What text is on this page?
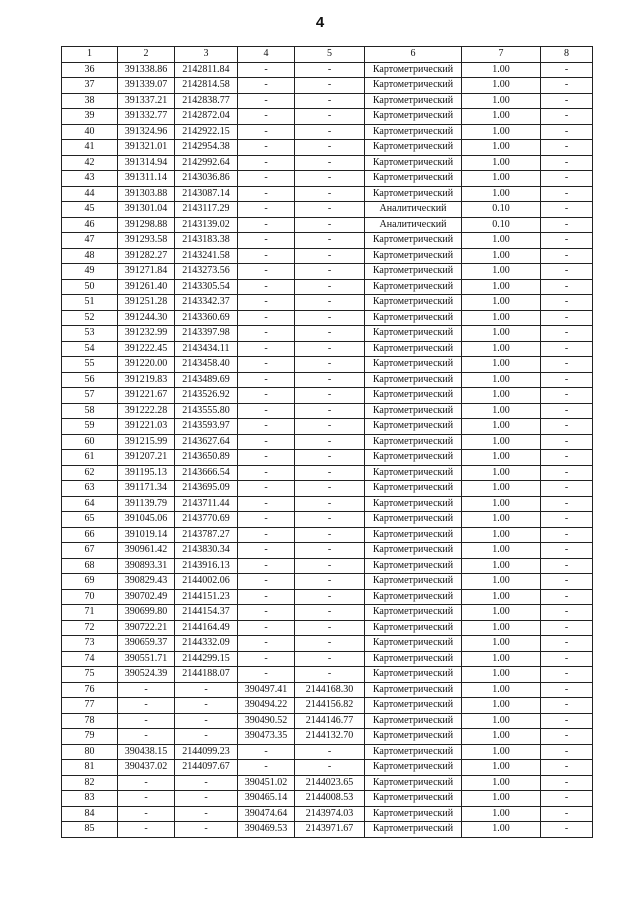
4
1	2	3	4	5	6	7	8
36	391338.86	2142811.84	-	-	Картометрический	1.00	-
37	391339.07	2142814.58	-	-	Картометрический	1.00	-
38	391337.21	2142838.77	-	-	Картометрический	1.00	-
39	391332.77	2142872.04	-	-	Картометрический	1.00	-
40	391324.96	2142922.15	-	-	Картометрический	1.00	-
41	391321.01	2142954.38	-	-	Картометрический	1.00	-
42	391314.94	2142992.64	-	-	Картометрический	1.00	-
43	391311.14	2143036.86	-	-	Картометрический	1.00	-
44	391303.88	2143087.14	-	-	Картометрический	1.00	-
45	391301.04	2143117.29	-	-	Аналитический	0.10	-
46	391298.88	2143139.02	-	-	Аналитический	0.10	-
47	391293.58	2143183.38	-	-	Картометрический	1.00	-
48	391282.27	2143241.58	-	-	Картометрический	1.00	-
49	391271.84	2143273.56	-	-	Картометрический	1.00	-
50	391261.40	2143305.54	-	-	Картометрический	1.00	-
51	391251.28	2143342.37	-	-	Картометрический	1.00	-
52	391244.30	2143360.69	-	-	Картометрический	1.00	-
53	391232.99	2143397.98	-	-	Картометрический	1.00	-
54	391222.45	2143434.11	-	-	Картометрический	1.00	-
55	391220.00	2143458.40	-	-	Картометрический	1.00	-
56	391219.83	2143489.69	-	-	Картометрический	1.00	-
57	391221.67	2143526.92	-	-	Картометрический	1.00	-
58	391222.28	2143555.80	-	-	Картометрический	1.00	-
59	391221.03	2143593.97	-	-	Картометрический	1.00	-
60	391215.99	2143627.64	-	-	Картометрический	1.00	-
61	391207.21	2143650.89	-	-	Картометрический	1.00	-
62	391195.13	2143666.54	-	-	Картометрический	1.00	-
63	391171.34	2143695.09	-	-	Картометрический	1.00	-
64	391139.79	2143711.44	-	-	Картометрический	1.00	-
65	391045.06	2143770.69	-	-	Картометрический	1.00	-
66	391019.14	2143787.27	-	-	Картометрический	1.00	-
67	390961.42	2143830.34	-	-	Картометрический	1.00	-
68	390893.31	2143916.13	-	-	Картометрический	1.00	-
69	390829.43	2144002.06	-	-	Картометрический	1.00	-
70	390702.49	2144151.23	-	-	Картометрический	1.00	-
71	390699.80	2144154.37	-	-	Картометрический	1.00	-
72	390722.21	2144164.49	-	-	Картометрический	1.00	-
73	390659.37	2144332.09	-	-	Картометрический	1.00	-
74	390551.71	2144299.15	-	-	Картометрический	1.00	-
75	390524.39	2144188.07	-	-	Картометрический	1.00	-
76	-	-	390497.41	2144168.30	Картометрический	1.00	-
77	-	-	390494.22	2144156.82	Картометрический	1.00	-
78	-	-	390490.52	2144146.77	Картометрический	1.00	-
79	-	-	390473.35	2144132.70	Картометрический	1.00	-
80	390438.15	2144099.23	-	-	Картометрический	1.00	-
81	390437.02	2144097.67	-	-	Картометрический	1.00	-
82	-	-	390451.02	2144023.65	Картометрический	1.00	-
83	-	-	390465.14	2144008.53	Картометрический	1.00	-
84	-	-	390474.64	2143974.03	Картометрический	1.00	-
85	-	-	390469.53	2143971.67	Картометрический	1.00	-
